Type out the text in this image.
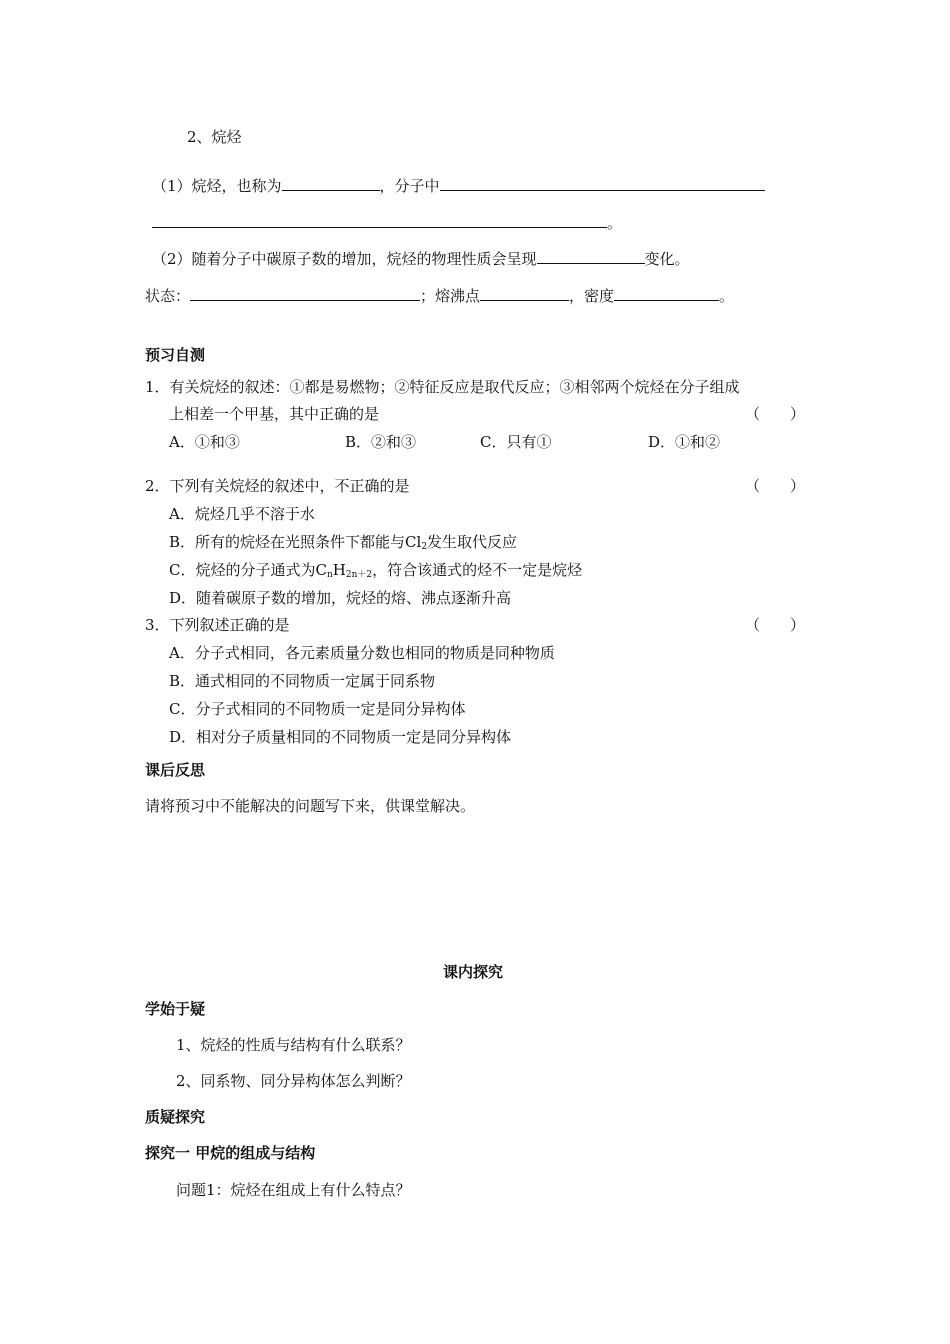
2、烷烃
（1）烷烃，也称为	，分子中
。
（2）随着分子中碳原子数的增加，烷烃的物理性质会呈现	变化。
状态：	；熔沸点	，密度	。
预习自测
1．有关烷烃的叙述：①都是易燃物；②特征反应是取代反应；③相邻两个烷烃在分子组成
上相差一个甲基，其中正确的是	（　　）
A．①和③	B．②和③	C．只有①	D．①和②
2．下列有关烷烃的叙述中，不正确的是	（　　）
A．烷烃几乎不溶于水
B．所有的烷烃在光照条件下都能与$Cl_2$发生取代反应
C．烷烃的分子通式为$C_nH_{2n+2}$，符合该通式的烃不一定是烷烃
D．随着碳原子数的增加，烷烃的熔、沸点逐渐升高
3．下列叙述正确的是	（　　）
A．分子式相同，各元素质量分数也相同的物质是同种物质
B．通式相同的不同物质一定属于同系物
C．分子式相同的不同物质一定是同分异构体
D．相对分子质量相同的不同物质一定是同分异构体
课后反思
请将预习中不能解决的问题写下来，供课堂解决。
课内探究
学始于疑
1、烷烃的性质与结构有什么联系？
2、同系物、同分异构体怎么判断？
质疑探究
探究一 甲烷的组成与结构
问题1：烷烃在组成上有什么特点？
